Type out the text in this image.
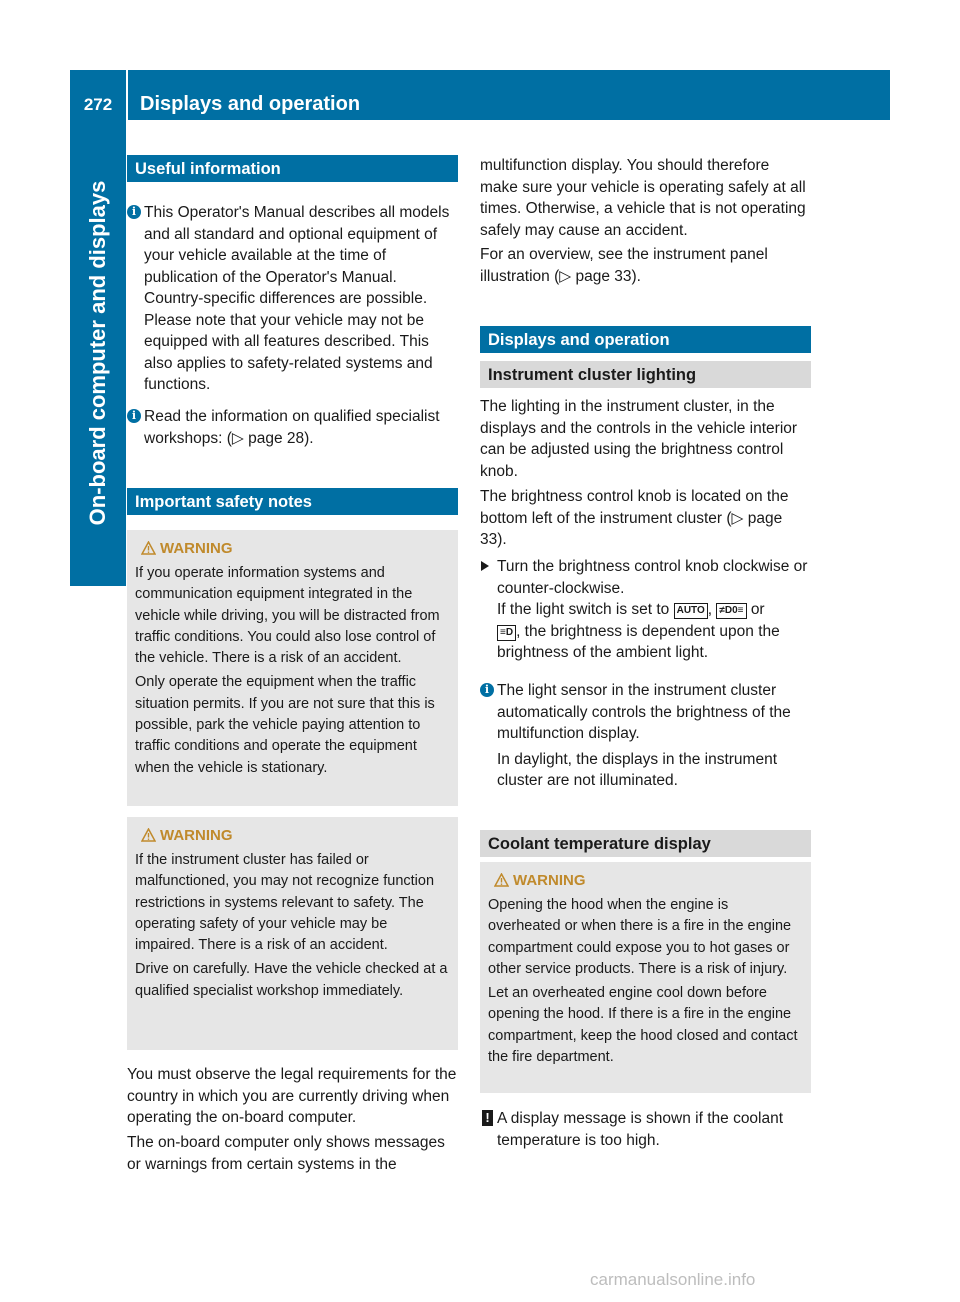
272	Displays and operation
On-board computer and displays
Useful information
i This Operator's Manual describes all models and all standard and optional equipment of your vehicle available at the time of publication of the Operator's Manual. Country-specific differences are possible. Please note that your vehicle may not be equipped with all features described. This also applies to safety-related systems and functions.
i Read the information on qualified specialist workshops: (▷ page 28).
Important safety notes
WARNING

If you operate information systems and communication equipment integrated in the vehicle while driving, you will be distracted from traffic conditions. You could also lose control of the vehicle. There is a risk of an accident.

Only operate the equipment when the traffic situation permits. If you are not sure that this is possible, park the vehicle paying attention to traffic conditions and operate the equipment when the vehicle is stationary.

WARNING

If the instrument cluster has failed or malfunctioned, you may not recognize function restrictions in systems relevant to safety. The operating safety of your vehicle may be impaired. There is a risk of an accident.

Drive on carefully. Have the vehicle checked at a qualified specialist workshop immediately.

You must observe the legal requirements for the country in which you are currently driving when operating the on-board computer.

The on-board computer only shows messages or warnings from certain systems in the

multifunction display. You should therefore make sure your vehicle is operating safely at all times. Otherwise, a vehicle that is not operating safely may cause an accident.

For an overview, see the instrument panel illustration (▷ page 33).

Displays and operation
Instrument cluster lighting

The lighting in the instrument cluster, in the displays and the controls in the vehicle interior can be adjusted using the brightness control knob.

The brightness control knob is located on the bottom left of the instrument cluster (▷ page 33).

Turn the brightness control knob clockwise or counter-clockwise.
If the light switch is set to AUTO , ≠D0≡ or
≡D , the brightness is dependent upon the brightness of the ambient light.
i The light sensor in the instrument cluster automatically controls the brightness of the multifunction display.
In daylight, the displays in the instrument cluster are not illuminated.
Coolant temperature display
WARNING

Opening the hood when the engine is overheated or when there is a fire in the engine compartment could expose you to hot gases or other service products. There is a risk of injury.

Let an overheated engine cool down before opening the hood. If there is a fire in the engine compartment, keep the hood closed and contact the fire department.

! A display message is shown if the coolant temperature is too high.
carmanualsonline.info
